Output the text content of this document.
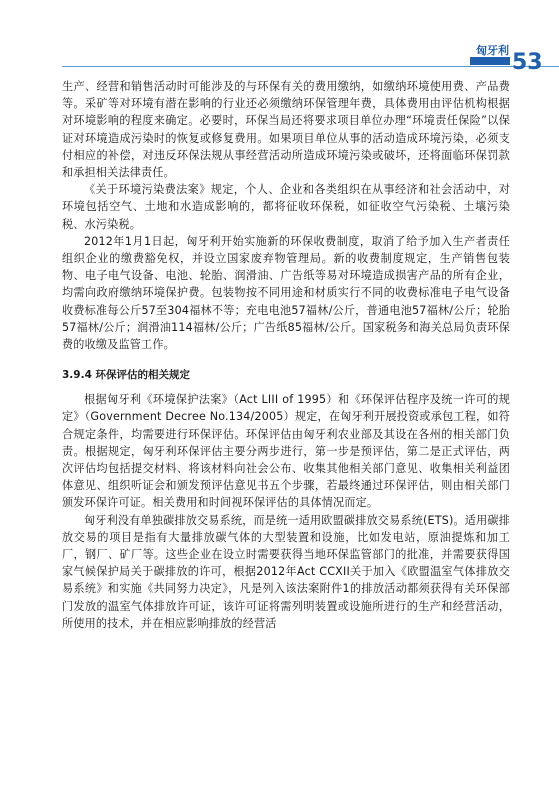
匈牙利 53

生产、经营和销售活动时可能涉及的与环保有关的费用缴纳，如缴纳环境使用费、产品费等。采矿等对环境有潜在影响的行业还必须缴纳环保管理年费，具体费用由评估机构根据对环境影响的程度来确定。必要时，环保当局还将要求项目单位办理“环境责任保险”以保证对环境造成污染时的恢复或修复费用。如果项目单位从事的活动造成环境污染，必须支付相应的补偿，对违反环保法规从事经营活动所造成环境污染或破坏，还将面临环保罚款和承担相关法律责任。

《关于环境污染费法案》规定，个人、企业和各类组织在从事经济和社会活动中，对环境包括空气、土地和水造成影响的，都将征收环保税，如征收空气污染税、土壤污染税、水污染税。

2012年1月1日起，匈牙利开始实施新的环保收费制度，取消了给予加入生产者责任组织企业的缴费豁免权，并设立国家废弃物管理局。新的收费制度规定，生产销售包装物、电子电气设备、电池、轮胎、润滑油、广告纸等易对环境造成损害产品的所有企业，均需向政府缴纳环境保护费。包装物按不同用途和材质实行不同的收费标准电子电气设备收费标准每公斤57至304福林不等；充电电池57福林/公斤，普通电池57福林/公斤；轮胎57福林/公斤；润滑油114福林/公斤；广告纸85福林/公斤。国家税务和海关总局负责环保费的收缴及监管工作。

3.9.4 环保评估的相关规定

根据匈牙利《环境保护法案》（Act LIII of 1995）和《环保评估程序及统一许可的规定》（Government Decree No.134/2005）规定，在匈牙利开展投资或承包工程，如符合规定条件，均需要进行环保评估。环保评估由匈牙利农业部及其设在各州的相关部门负责。根据规定，匈牙利环保评估主要分两步进行，第一步是预评估，第二是正式评估，两次评估均包括提交材料、将该材料向社会公布、收集其他相关部门意见、收集相关利益团体意见、组织听证会和颁发预评估意见书五个步骤，若最终通过环保评估，则由相关部门颁发环保许可证。相关费用和时间视环保评估的具体情况而定。

匈牙利没有单独碳排放交易系统，而是统一适用欧盟碳排放交易系统(ETS)。适用碳排放交易的项目是指有大量排放碳气体的大型装置和设施，比如发电站，原油提炼和加工厂，钢厂、矿厂等。这些企业在设立时需要获得当地环保监管部门的批准，并需要获得国家气候保护局关于碳排放的许可，根据2012年Act CCXII关于加入《欧盟温室气体排放交易系统》和实施《共同努力决定》，凡是列入该法案附件1的排放活动都须获得有关环保部门发放的温室气体排放许可证，该许可证将需列明装置或设施所进行的生产和经营活动，所使用的技术，并在相应影响排放的经营活
